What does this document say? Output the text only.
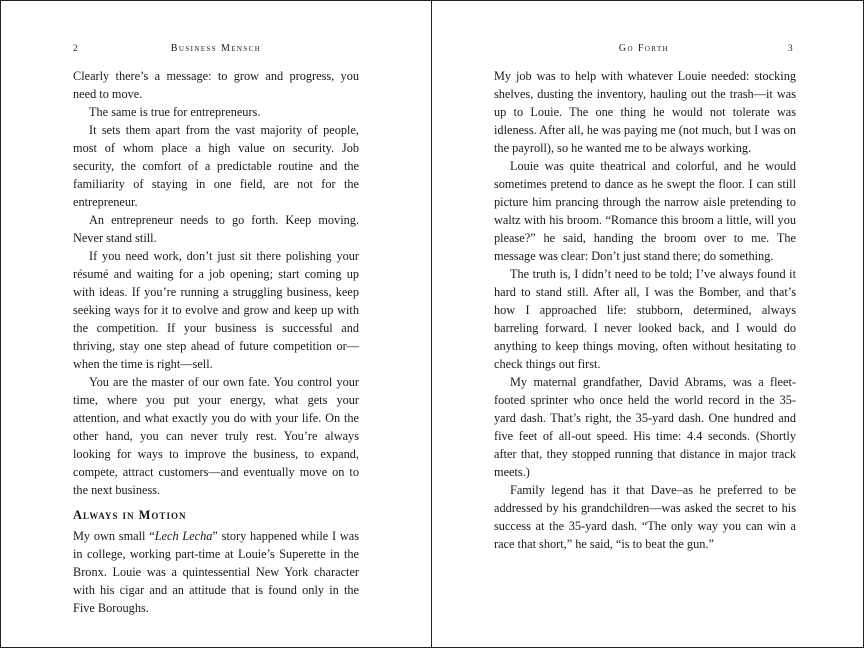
2	Business Mensch

Clearly there’s a message: to grow and progress, you need to move.

The same is true for entrepreneurs.

It sets them apart from the vast majority of people, most of whom place a high value on security. Job security, the comfort of a predictable routine and the familiarity of staying in one field, are not for the entrepreneur.

An entrepreneur needs to go forth. Keep moving. Never stand still.

If you need work, don’t just sit there polishing your résumé and waiting for a job opening; start coming up with ideas. If you’re running a struggling business, keep seeking ways for it to evolve and grow and keep up with the competition. If your business is successful and thriving, stay one step ahead of future competition or—when the time is right—sell.

You are the master of our own fate. You control your time, where you put your energy, what gets your attention, and what exactly you do with your life. On the other hand, you can never truly rest. You’re always looking for ways to improve the business, to expand, compete, attract customers—and eventually move on to the next business.

Always in Motion

My own small “Lech Lecha” story happened while I was in college, working part-time at Louie’s Superette in the Bronx. Louie was a quintessential New York character with his cigar and an attitude that is found only in the Five Boroughs.

Go Forth	3

My job was to help with whatever Louie needed: stocking shelves, dusting the inventory, hauling out the trash—it was up to Louie. The one thing he would not tolerate was idleness. After all, he was paying me (not much, but I was on the payroll), so he wanted me to be always working.

Louie was quite theatrical and colorful, and he would sometimes pretend to dance as he swept the floor. I can still picture him prancing through the narrow aisle pretending to waltz with his broom. “Romance this broom a little, will you please?” he said, handing the broom over to me. The message was clear: Don’t just stand there; do something.

The truth is, I didn’t need to be told; I’ve always found it hard to stand still. After all, I was the Bomber, and that’s how I approached life: stubborn, determined, always barreling forward. I never looked back, and I would do anything to keep things moving, often without hesitating to check things out first.

My maternal grandfather, David Abrams, was a fleet-footed sprinter who once held the world record in the 35-yard dash. That’s right, the 35-yard dash. One hundred and five feet of all-out speed. His time: 4.4 seconds. (Shortly after that, they stopped running that distance in major track meets.)

Family legend has it that Dave–as he preferred to be addressed by his grandchildren—was asked the secret to his success at the 35-yard dash. “The only way you can win a race that short,” he said, “is to beat the gun.”
